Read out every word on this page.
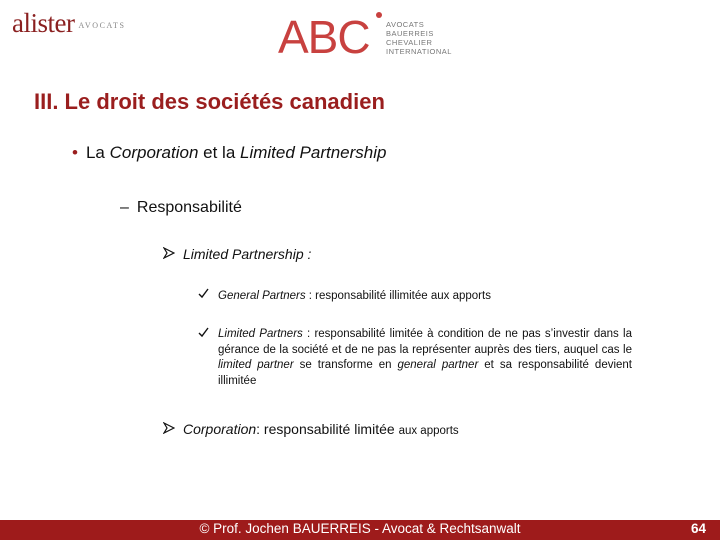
alister $^{AVOCATS}$	ABC AVOCATS
BAUERREIS
CHEVALIER
INTERNATIONAL
III. Le droit des sociétés canadien
• La Corporation et la Limited Partnership
– Responsabilité
Limited Partnership :
General Partners : responsabilité illimitée aux apports
Limited Partners : responsabilité limitée à condition de ne pas s’investir dans la gérance de la société et de ne pas la représenter auprès des tiers, auquel cas le limited partner se transforme en general partner et sa responsabilité devient illimitée
Corporation: responsabilité limitée aux apports
© Prof. Jochen BAUERREIS - Avocat & Rechtsanwalt	64
